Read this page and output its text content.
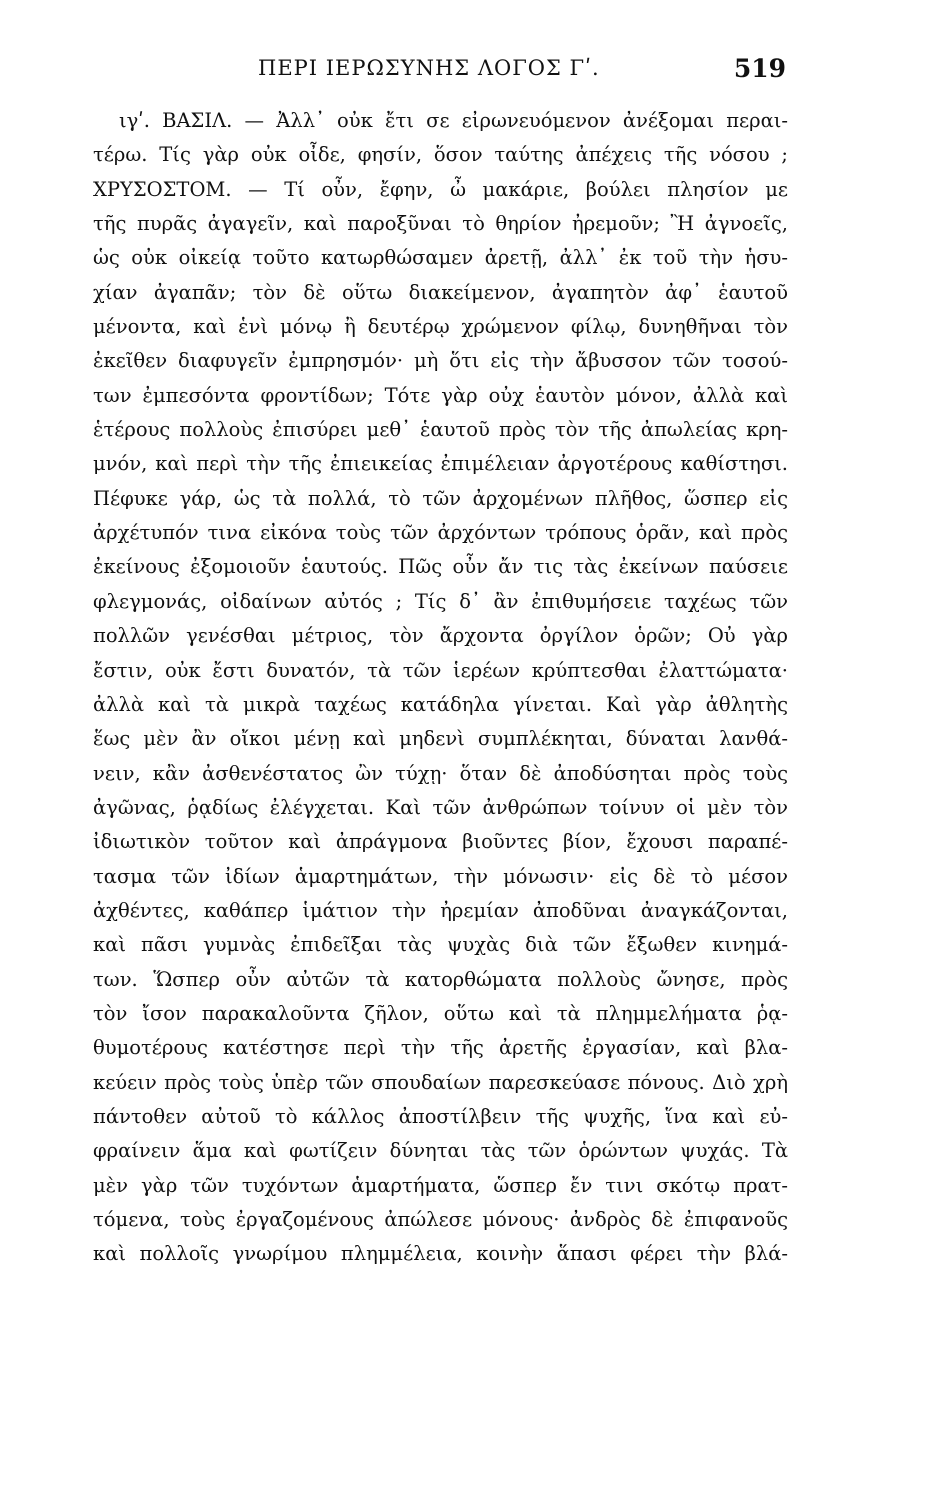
ΠΕΡΙ ΙΕΡΩΣΥΝΗΣ ΛΟΓΟΣ Γʹ.	519
ιγʹ. ΒΑΣΙΛ. — Ἀλλ᾽ οὐκ ἔτι σε εἰρωνευόμενον ἀνέξομαι περαι-
τέρω. Τίς γὰρ οὐκ οἶδε, φησίν, ὅσον ταύτης ἀπέχεις τῆς νόσου ;
ΧΡΥΣΟΣΤΟΜ. — Τί οὖν, ἔφην, ὦ μακάριε, βούλει πλησίον με
τῆς πυρᾶς ἀγαγεῖν, καὶ παροξῦναι τὸ θηρίον ἠρεμοῦν; Ἢ ἀγνοεῖς,
ὡς οὐκ οἰκείᾳ τοῦτο κατωρθώσαμεν ἀρετῇ, ἀλλ᾽ ἐκ τοῦ τὴν ἡσυ-
χίαν ἀγαπᾶν; τὸν δὲ οὕτω διακείμενον, ἀγαπητὸν ἀφ᾽ ἑαυτοῦ
μένοντα, καὶ ἑνὶ μόνῳ ἢ δευτέρῳ χρώμενον φίλῳ, δυνηθῆναι τὸν
ἐκεῖθεν διαφυγεῖν ἐμπρησμόν· μὴ ὅτι εἰς τὴν ἄβυσσον τῶν τοσού-
των ἐμπεσόντα φροντίδων; Τότε γὰρ οὐχ ἑαυτὸν μόνον, ἀλλὰ καὶ
ἑτέρους πολλοὺς ἐπισύρει μεθ᾽ ἑαυτοῦ πρὸς τὸν τῆς ἀπωλείας κρη-
μνόν, καὶ περὶ τὴν τῆς ἐπιεικείας ἐπιμέλειαν ἀργοτέρους καθίστησι.
Πέφυκε γάρ, ὡς τὰ πολλά, τὸ τῶν ἀρχομένων πλῆθος, ὥσπερ εἰς
ἀρχέτυπόν τινα εἰκόνα τοὺς τῶν ἀρχόντων τρόπους ὁρᾶν, καὶ πρὸς
ἐκείνους ἐξομοιοῦν ἑαυτούς. Πῶς οὖν ἄν τις τὰς ἐκείνων παύσειε
φλεγμονάς, οἰδαίνων αὐτός ; Τίς δ᾽ ἂν ἐπιθυμήσειε ταχέως τῶν
πολλῶν γενέσθαι μέτριος, τὸν ἄρχοντα ὀργίλον ὁρῶν; Οὐ γὰρ
ἔστιν, οὐκ ἔστι δυνατόν, τὰ τῶν ἱερέων κρύπτεσθαι ἐλαττώματα·
ἀλλὰ καὶ τὰ μικρὰ ταχέως κατάδηλα γίνεται. Καὶ γὰρ ἀθλητὴς
ἕως μὲν ἂν οἴκοι μένῃ καὶ μηδενὶ συμπλέκηται, δύναται λανθά-
νειν, κἂν ἀσθενέστατος ὢν τύχῃ· ὅταν δὲ ἀποδύσηται πρὸς τοὺς
ἀγῶνας, ῥᾳδίως ἐλέγχεται. Καὶ τῶν ἀνθρώπων τοίνυν οἱ μὲν τὸν
ἰδιωτικὸν τοῦτον καὶ ἀπράγμονα βιοῦντες βίον, ἔχουσι παραπέ-
τασμα τῶν ἰδίων ἁμαρτημάτων, τὴν μόνωσιν· εἰς δὲ τὸ μέσον
ἀχθέντες, καθάπερ ἱμάτιον τὴν ἠρεμίαν ἀποδῦναι ἀναγκάζονται,
καὶ πᾶσι γυμνὰς ἐπιδεῖξαι τὰς ψυχὰς διὰ τῶν ἔξωθεν κινημά-
των. Ὥσπερ οὖν αὐτῶν τὰ κατορθώματα πολλοὺς ὤνησε, πρὸς
τὸν ἴσον παρακαλοῦντα ζῆλον, οὕτω καὶ τὰ πλημμελήματα ῥᾳ-
θυμοτέρους κατέστησε περὶ τὴν τῆς ἀρετῆς ἐργασίαν, καὶ βλα-
κεύειν πρὸς τοὺς ὑπὲρ τῶν σπουδαίων παρεσκεύασε πόνους. Διὸ χρὴ
πάντοθεν αὐτοῦ τὸ κάλλος ἀποστίλβειν τῆς ψυχῆς, ἵνα καὶ εὐ-
φραίνειν ἅμα καὶ φωτίζειν δύνηται τὰς τῶν ὁρώντων ψυχάς. Τὰ
μὲν γὰρ τῶν τυχόντων ἁμαρτήματα, ὥσπερ ἔν τινι σκότῳ πρατ-
τόμενα, τοὺς ἐργαζομένους ἀπώλεσε μόνους· ἀνδρὸς δὲ ἐπιφανοῦς
καὶ πολλοῖς γνωρίμου πλημμέλεια, κοινὴν ἅπασι φέρει τὴν βλά-
